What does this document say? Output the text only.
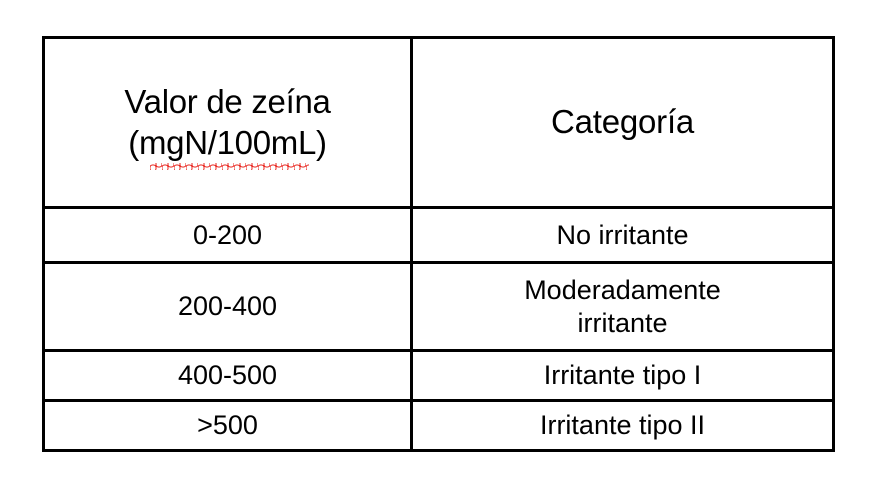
Valor de zeína
(mgN/100mL)	Categoría
0-200	No irritante
200-400	Moderadamente
irritante

400-500	Irritante tipo I
>500	Irritante tipo II
